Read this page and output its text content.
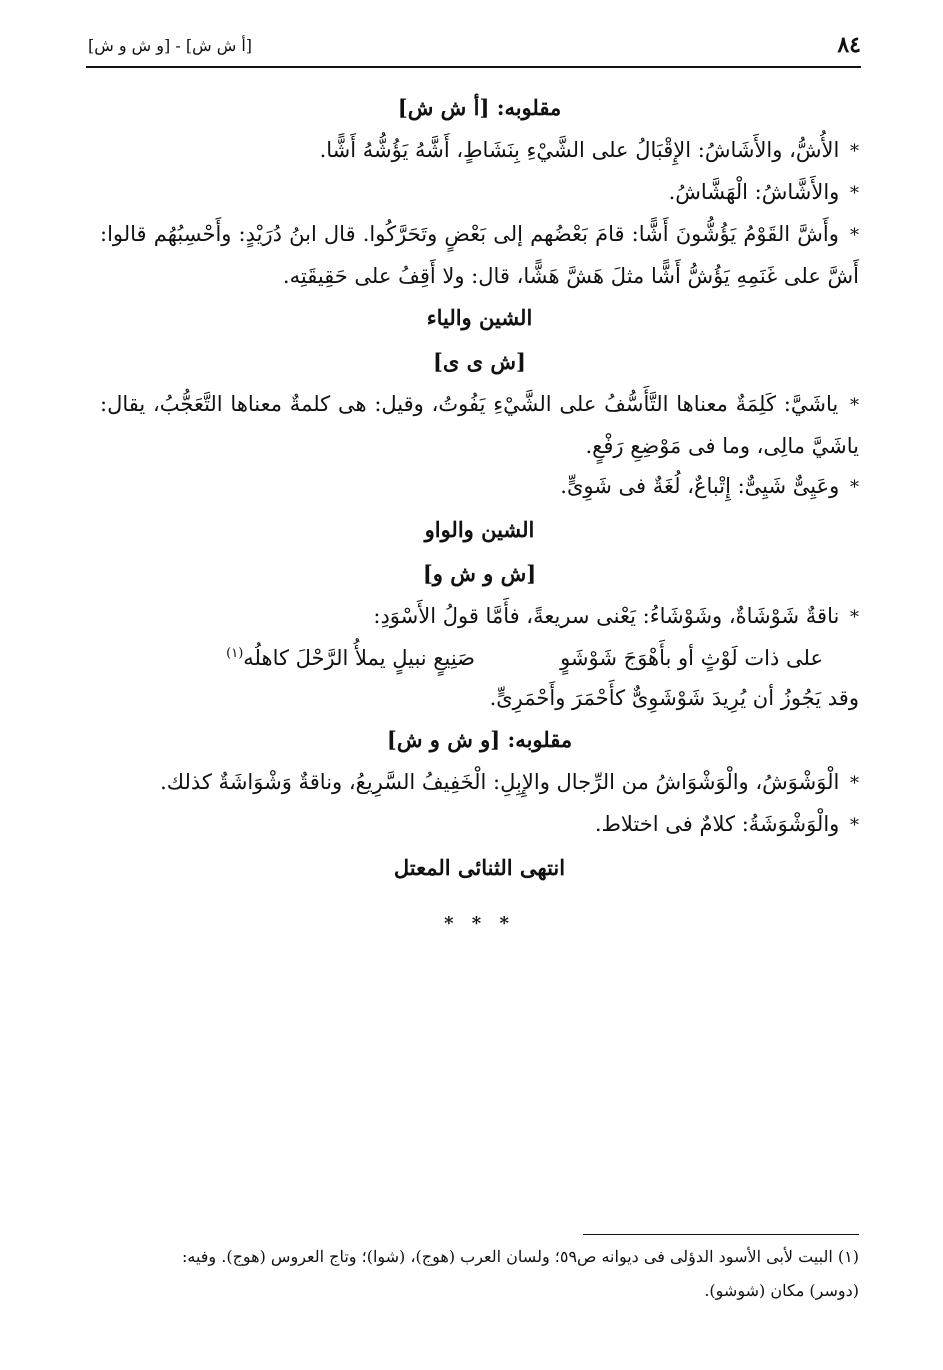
٨٤
[أ ش ش] - [و ش و ش]

مقلوبه: [أ ش ش]

* الأُشُّ، والأَشَاشُ: الإِقْبَالُ على الشَّيْءِ بِنَشَاطٍ، أَشَّهُ يَؤُشُّهُ أَشًّا.

* والأَشَّاشُ: الْهَشَّاشُ.

* وأَشَّ القَوْمُ يَؤُشُّونَ أَشًّا: قامَ بَعْضُهم إلى بَعْضٍ وتَحَرَّكُوا. قال ابنُ دُرَيْدٍ: وأَحْسِبُهُم قالوا: أَشَّ على غَنَمِهِ يَؤُشُّ أَشًّا مثلَ هَشَّ هَشًّا، قال: ولا أَقِفُ على حَقِيقَتِه.

الشين والياء

[ش ى ى]

* ياشَيَّ: كَلِمَةٌ معناها التَّأَسُّفُ على الشَّيْءِ يَفُوتُ، وقيل: هى كلمةٌ معناها التَّعَجُّبُ، يقال: ياشَيَّ مالِى، وما فى مَوْضِعِ رَفْعٍ.

* وعَيِىٌّ شَيِىٌّ: إِتْباعٌ، لُغَةٌ فى شَوِىٍّ.

الشين والواو

[ش و ش و]

* ناقةٌ شَوْشَاةٌ، وشَوْشَاءُ: يَعْنى سريعةً، فأَمَّا قولُ الأَسْوَدِ:

على ذات لَوْثٍ أو بأَهْوَجَ شَوْشَوٍ
صَنِيعٍ نبيلٍ يملأُ الرَّحْلَ كاهلُه$^{(١)}$

وقد يَجُوزُ أن يُرِيدَ شَوْشَوِىٌّ كأَحْمَرَ وأَحْمَرِىٍّ.

مقلوبه: [و ش و ش]

* الْوَشْوَشُ، والْوَشْوَاشُ من الرِّجال والإِبِلِ: الْخَفِيفُ السَّرِيعُ، وناقةٌ وَشْوَاشَةٌ كذلك.

* والْوَشْوَشَةُ: كلامٌ فى اختلاط.

انتهى الثنائى المعتل

* * *

(١) البيت لأبى الأسود الدؤلى فى ديوانه ص٥٩؛ ولسان العرب (هوج)، (شوا)؛ وتاج العروس (هوج). وفيه:

(دوسر) مكان (شوشو).
